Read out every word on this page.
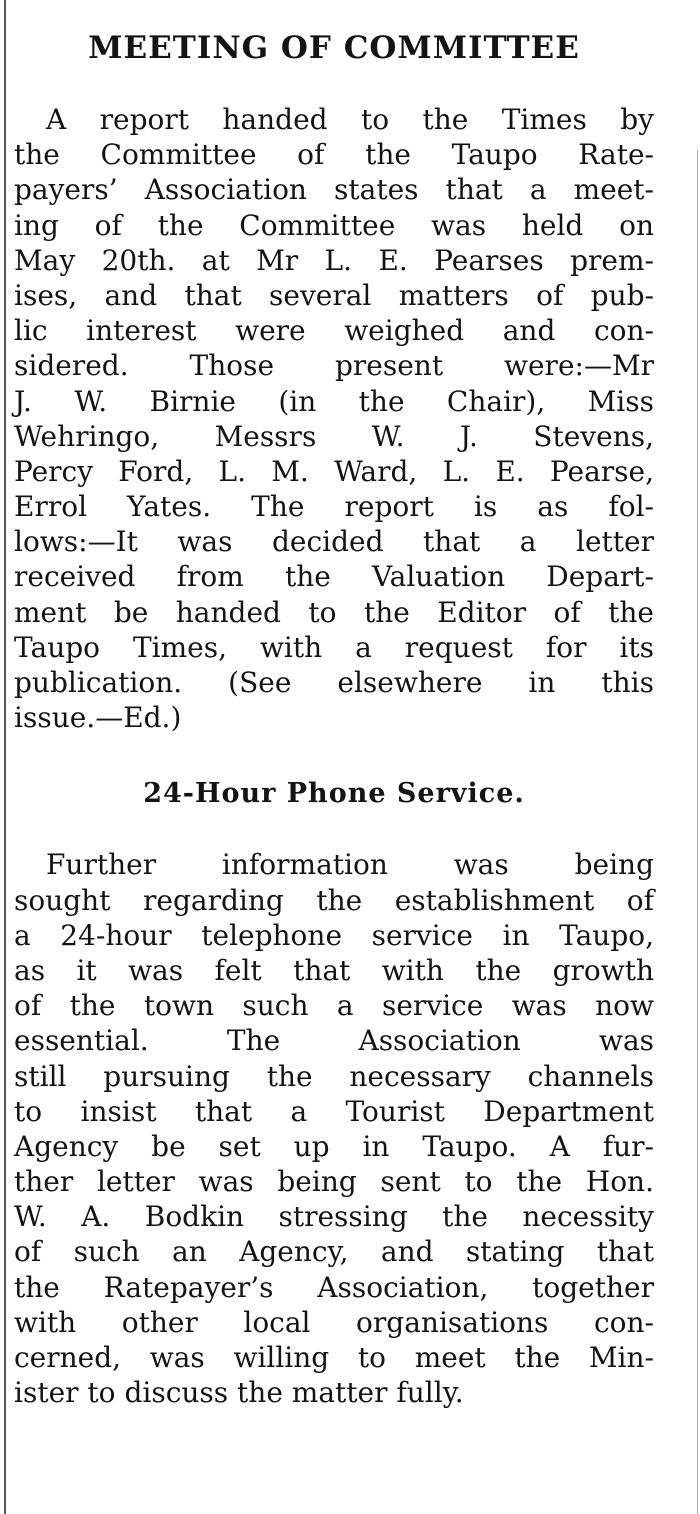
MEETING OF COMMITTEE
A report handed to the Times by
the Committee of the Taupo Rate-
payers’ Association states that a meet-
ing of the Committee was held on
May 20th. at Mr L. E. Pearses prem-
ises, and that several matters of pub-
lic interest were weighed and con-
sidered. Those present were:—Mr
J. W. Birnie (in the Chair), Miss
Wehringo, Messrs W. J. Stevens,
Percy Ford, L. M. Ward, L. E. Pearse,
Errol Yates. The report is as fol-
lows:—It was decided that a letter
received from the Valuation Depart-
ment be handed to the Editor of the
Taupo Times, with a request for its
publication. (See elsewhere in this
issue.—Ed.)
24-Hour Phone Service.
Further information was being
sought regarding the establishment of
a 24-hour telephone service in Taupo,
as it was felt that with the growth
of the town such a service was now
essential. The Association was
still pursuing the necessary channels
to insist that a Tourist Department
Agency be set up in Taupo. A fur-
ther letter was being sent to the Hon.
W. A. Bodkin stressing the necessity
of such an Agency, and stating that
the Ratepayer’s Association, together
with other local organisations con-
cerned, was willing to meet the Min-
ister to discuss the matter fully.
